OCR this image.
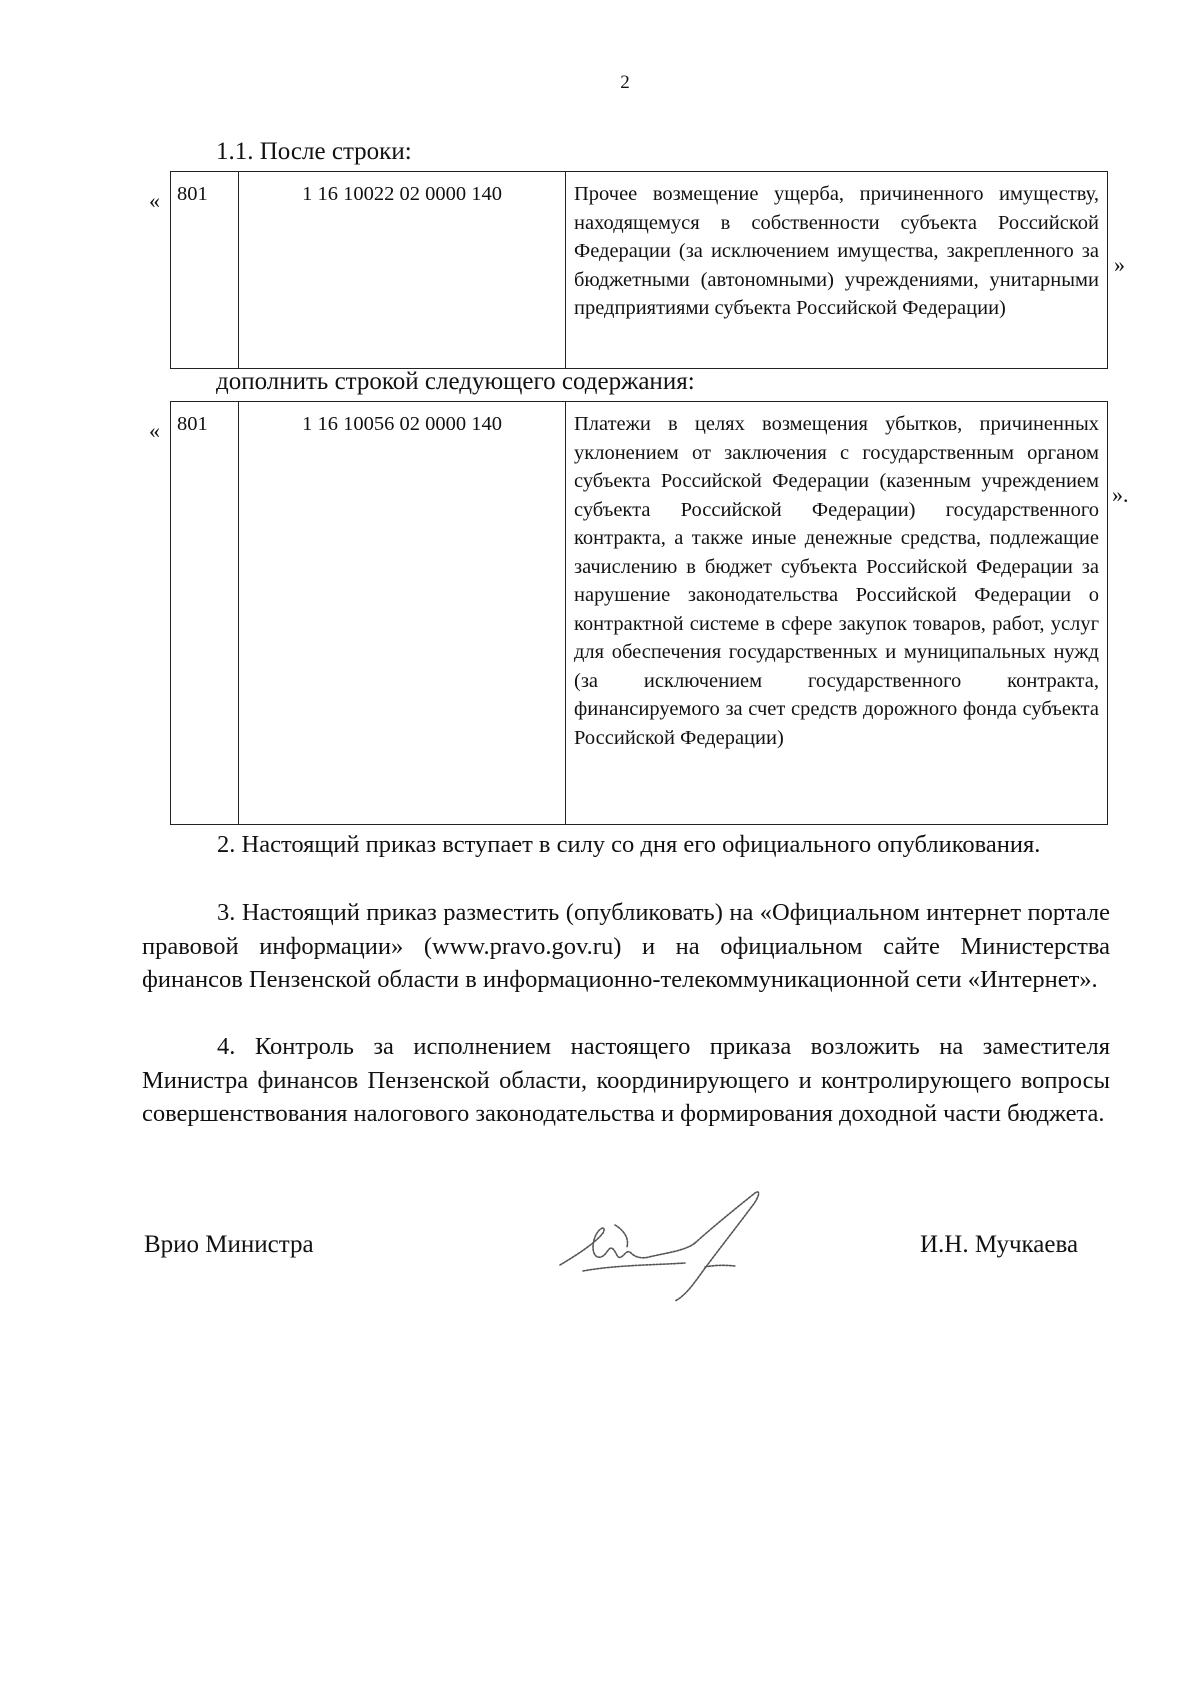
2
1.1. После строки:
« 801	1 16 10022 02 0000 140	Прочее возмещение ущерба, причиненного имуществу, находящемуся в собственности субъекта Российской Федерации (за исключением имущества, закрепленного за бюджетными (автономными) учреждениями, унитарными предприятиями субъекта Российской Федерации)
»
дополнить строкой следующего содержания:
« 801	1 16 10056 02 0000 140	Платежи в целях возмещения убытков, причиненных уклонением от заключения с государственным органом субъекта Российской Федерации (казенным учреждением субъекта Российской Федерации) государственного контракта, а также иные денежные средства, подлежащие зачислению в бюджет субъекта Российской Федерации за нарушение законодательства Российской Федерации о контрактной системе в сфере закупок товаров, работ, услуг для обеспечения государственных и муниципальных нужд (за исключением государственного контракта, финансируемого за счет средств дорожного фонда субъекта Российской Федерации)
».
2. Настоящий приказ вступает в силу со дня его официального опубликования.
3. Настоящий приказ разместить (опубликовать) на «Официальном интернет портале правовой информации» (www.pravo.gov.ru) и на официальном сайте Министерства финансов Пензенской области в информационно-телекоммуникационной сети «Интернет».
4. Контроль за исполнением настоящего приказа возложить на заместителя Министра финансов Пензенской области, координирующего и контролирующего вопросы совершенствования налогового законодательства и формирования доходной части бюджета.
Врио Министра	И.Н. Мучкаева
